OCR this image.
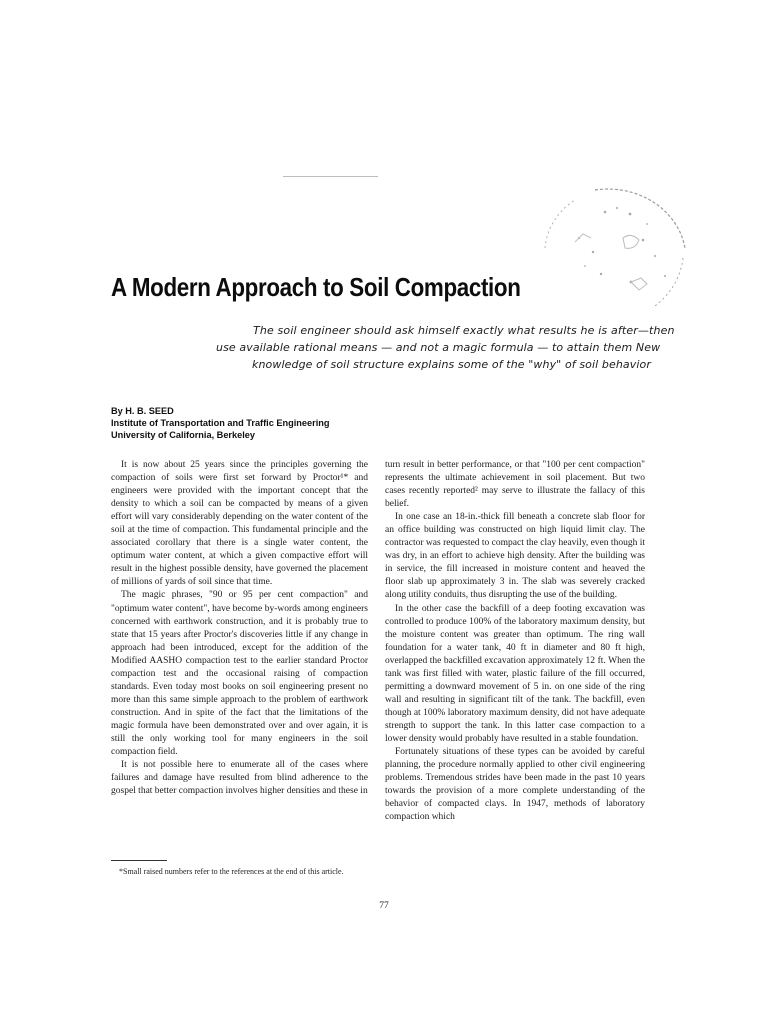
A Modern Approach to Soil Compaction

The soil engineer should ask himself exactly what results he is after—then

use available rational means — and not a magic formula — to attain them New

knowledge of soil structure explains some of the "why" of soil behavior

By H. B. SEED
Institute of Transportation and Traffic Engineering
University of California, Berkeley

It is now about 25 years since the principles governing the compaction of soils were first set forward by Proctor¹* and engineers were provided with the important concept that the density to which a soil can be compacted by means of a given effort will vary considerably depending on the water content of the soil at the time of compaction. This fundamental principle and the associated corollary that there is a single water content, the optimum water content, at which a given compactive effort will result in the highest possible density, have governed the placement of millions of yards of soil since that time.

The magic phrases, "90 or 95 per cent compaction" and "optimum water content", have become by-words among engineers concerned with earthwork construction, and it is probably true to state that 15 years after Proctor's discoveries little if any change in approach had been introduced, except for the addition of the Modified AASHO compaction test to the earlier standard Proctor compaction test and the occasional raising of compaction standards. Even today most books on soil engineering present no more than this same simple approach to the problem of earthwork construction. And in spite of the fact that the limitations of the magic formula have been demonstrated over and over again, it is still the only working tool for many engineers in the soil compaction field.

It is not possible here to enumerate all of the cases where failures and damage have resulted from blind adherence to the gospel that better compaction involves higher densities and these in

turn result in better performance, or that "100 per cent compaction" represents the ultimate achievement in soil placement. But two cases recently reported² may serve to illustrate the fallacy of this belief.

In one case an 18-in.-thick fill beneath a concrete slab floor for an office building was constructed on high liquid limit clay. The contractor was requested to compact the clay heavily, even though it was dry, in an effort to achieve high density. After the building was in service, the fill increased in moisture content and heaved the floor slab up approximately 3 in. The slab was severely cracked along utility conduits, thus disrupting the use of the building.

In the other case the backfill of a deep footing excavation was controlled to produce 100% of the laboratory maximum density, but the moisture content was greater than optimum. The ring wall foundation for a water tank, 40 ft in diameter and 80 ft high, overlapped the backfilled excavation approximately 12 ft. When the tank was first filled with water, plastic failure of the fill occurred, permitting a downward movement of 5 in. on one side of the ring wall and resulting in significant tilt of the tank. The backfill, even though at 100% laboratory maximum density, did not have adequate strength to support the tank. In this latter case compaction to a lower density would probably have resulted in a stable foundation.

Fortunately situations of these types can be avoided by careful planning, the procedure normally applied to other civil engineering problems. Tremendous strides have been made in the past 10 years towards the provision of a more complete understanding of the behavior of compacted clays. In 1947, methods of laboratory compaction which

*Small raised numbers refer to the references at the end of this article.
77
